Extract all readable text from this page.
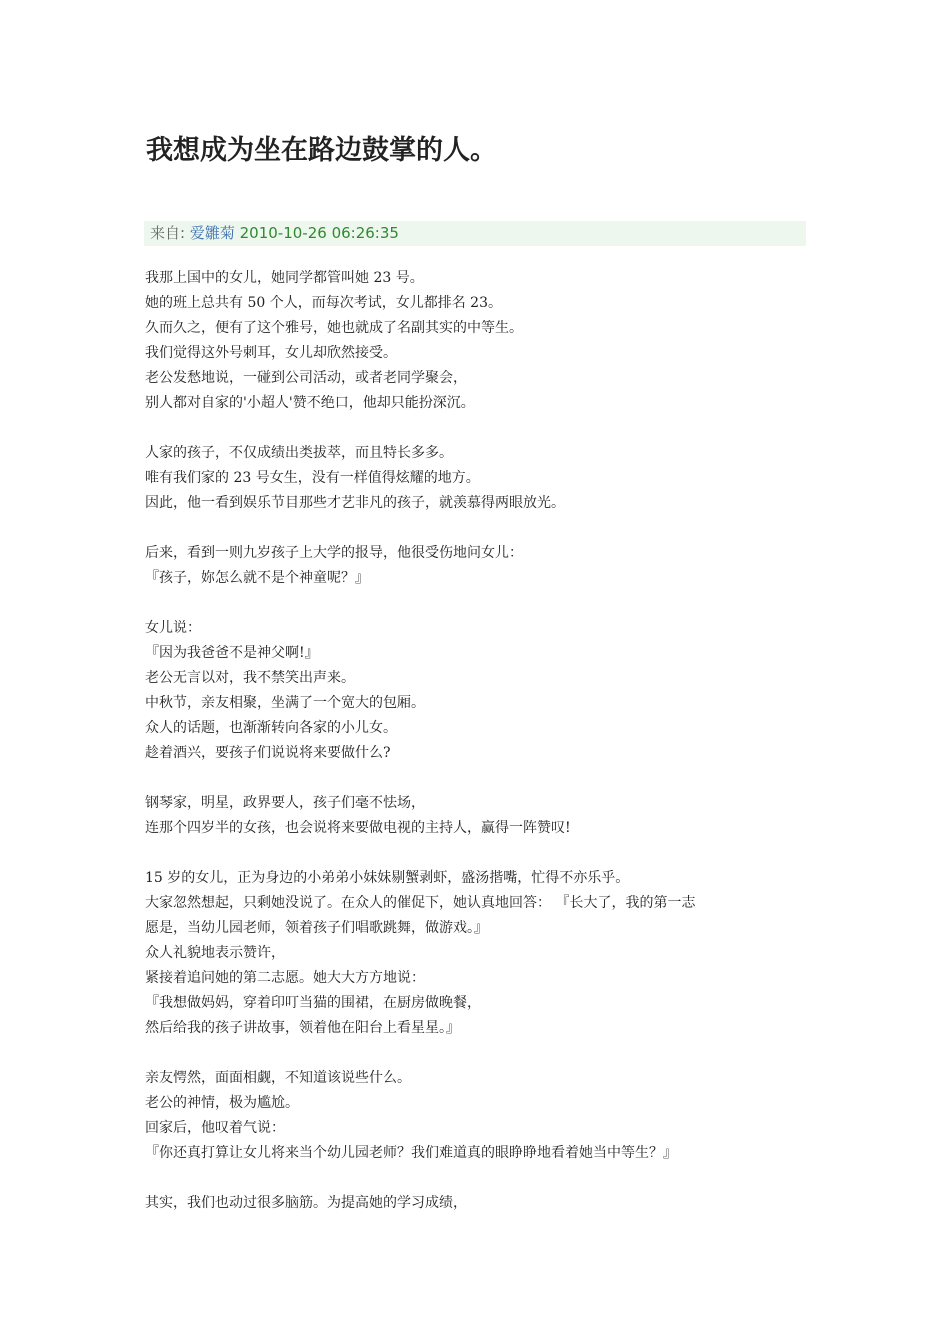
我想成为坐在路边鼓掌的人。
来自: 爱雛菊 2010-10-26 06:26:35
我那上国中的女儿，她同学都管叫她 23 号。
她的班上总共有 50 个人，而每次考试，女儿都排名 23。
久而久之，便有了这个雅号，她也就成了名副其实的中等生。
我们觉得这外号刺耳，女儿却欣然接受。
老公发愁地说，一碰到公司活动，或者老同学聚会，
别人都对自家的'小超人'赞不绝口，他却只能扮深沉。
人家的孩子，不仅成绩出类拔萃，而且特长多多。
唯有我们家的 23 号女生，没有一样值得炫耀的地方。
因此，他一看到娱乐节目那些才艺非凡的孩子，就羡慕得两眼放光。
后来，看到一则九岁孩子上大学的报导，他很受伤地问女儿：
『孩子，妳怎么就不是个神童呢？』
女儿说：
『因为我爸爸不是神父啊!』
老公无言以对，我不禁笑出声来。
中秋节，亲友相聚，坐满了一个宽大的包厢。
众人的话题，也渐渐转向各家的小儿女。
趁着酒兴，要孩子们说说将来要做什么?
钢琴家，明星，政界要人，孩子们毫不怯场，
连那个四岁半的女孩，也会说将来要做电视的主持人，赢得一阵赞叹!
15 岁的女儿，正为身边的小弟弟小妹妹剔蟹剥虾，盛汤揩嘴，忙得不亦乐乎。
大家忽然想起，只剩她没说了。在众人的催促下，她认真地回答： 『长大了，我的第一志
愿是，当幼儿园老师，领着孩子们唱歌跳舞，做游戏。』
众人礼貌地表示赞许，
紧接着追问她的第二志愿。她大大方方地说：
『我想做妈妈，穿着印叮当猫的围裙，在厨房做晚餐，
然后给我的孩子讲故事，领着他在阳台上看星星。』
亲友愕然，面面相觑，不知道该说些什么。
老公的神情，极为尴尬。
回家后，他叹着气说：
『你还真打算让女儿将来当个幼儿园老师？我们难道真的眼睁睁地看着她当中等生？』
其实，我们也动过很多脑筋。为提高她的学习成绩，
